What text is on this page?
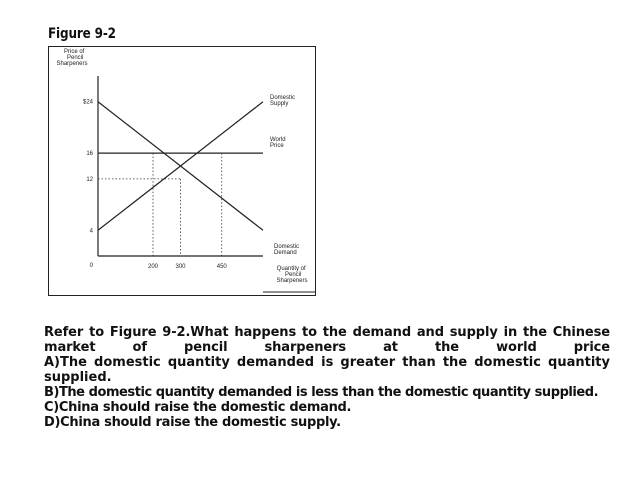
Figure 9-2
Price of Pencil Sharpeners
Quantity of Pencil Sharpeners
$24
16
12
4
200	300	450
0
Domestic Supply
Domestic Demand
World Price

Refer to Figure 9-2.What happens to the demand and supply in the Chinese market of pencil sharpeners at the world price

A)The domestic quantity demanded is greater than the domestic quantity supplied.

B)The domestic quantity demanded is less than the domestic quantity supplied.

C)China should raise the domestic demand.

D)China should raise the domestic supply.
